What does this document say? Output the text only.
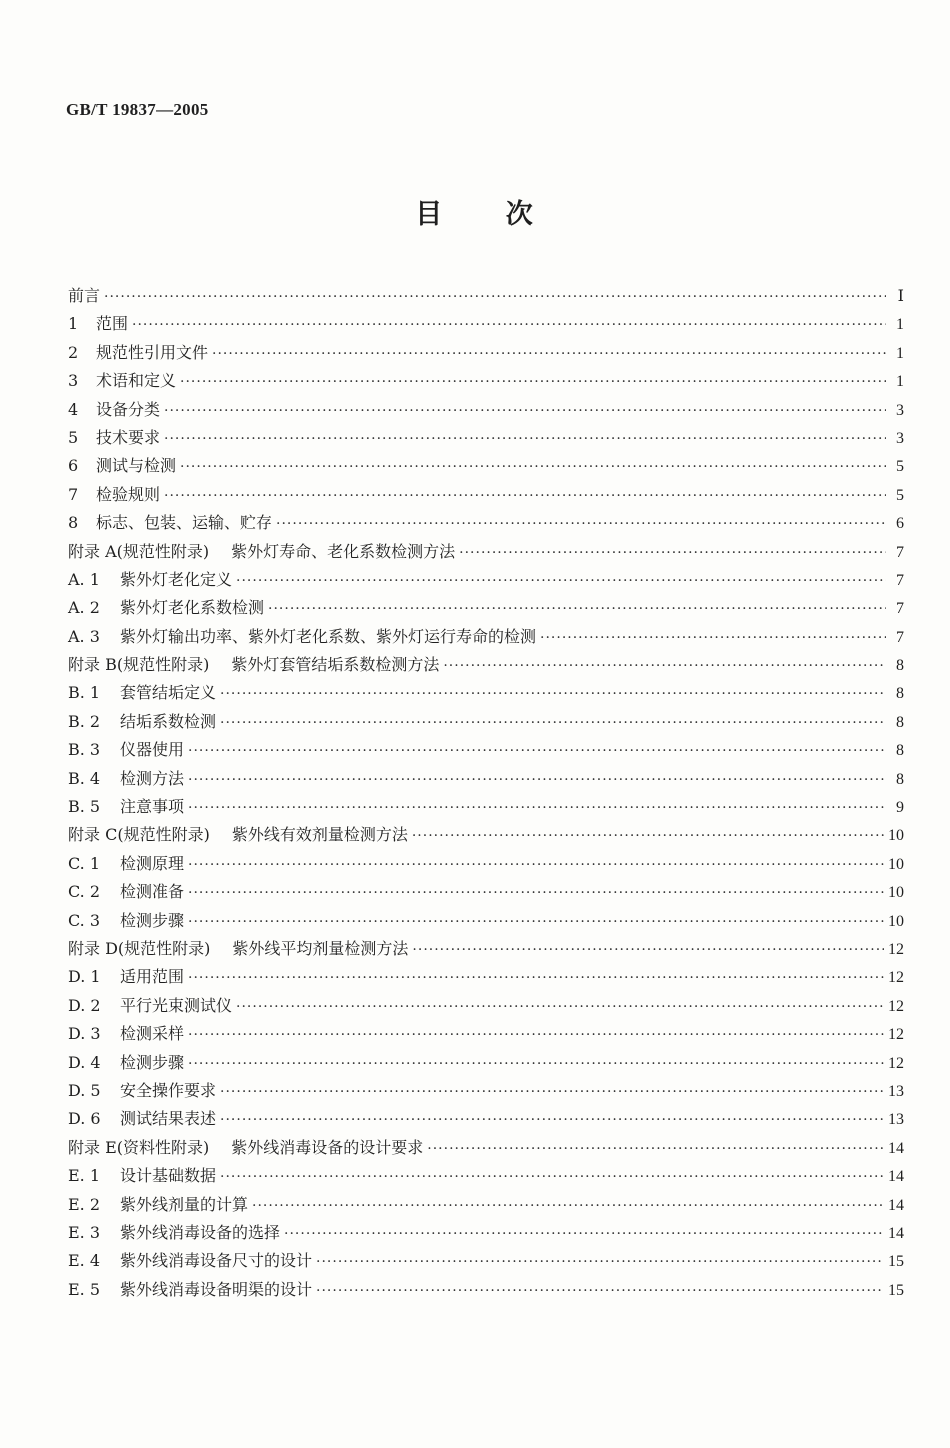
GB/T 19837—2005
目 次
前言 ·····	Ⅰ
1	范围 ·····	1
2	规范性引用文件 ·····	1
3	术语和定义 ·····	1
4	设备分类 ·····	3
5	技术要求 ·····	3
6	测试与检测 ·····	5
7	检验规则 ·····	5
8	标志、包装、运输、贮存 ·····	6
附录 A(规范性附录) 紫外灯寿命、老化系数检测方法 ·····	7
A. 1	紫外灯老化定义 ·····	7
A. 2	紫外灯老化系数检测 ·····	7
A. 3	紫外灯输出功率、紫外灯老化系数、紫外灯运行寿命的检测 ·····	7
附录 B(规范性附录) 紫外灯套管结垢系数检测方法 ·····	8
B. 1	套管结垢定义 ·····	8
B. 2	结垢系数检测 ·····	8
B. 3	仪器使用 ·····	8
B. 4	检测方法 ·····	8
B. 5	注意事项 ·····	9
附录 C(规范性附录) 紫外线有效剂量检测方法 ·····	10
C. 1	检测原理 ·····	10
C. 2	检测准备 ·····	10
C. 3	检测步骤 ·····	10
附录 D(规范性附录) 紫外线平均剂量检测方法 ·····	12
D. 1	适用范围 ·····	12
D. 2	平行光束测试仪 ·····	12
D. 3	检测采样 ·····	12
D. 4	检测步骤 ·····	12
D. 5	安全操作要求 ·····	13
D. 6	测试结果表述 ·····	13
附录 E(资料性附录) 紫外线消毒设备的设计要求 ·····	14
E. 1	设计基础数据 ·····	14
E. 2	紫外线剂量的计算 ·····	14
E. 3	紫外线消毒设备的选择 ·····	14
E. 4	紫外线消毒设备尺寸的设计 ·····	15
E. 5	紫外线消毒设备明渠的设计 ·····	15
